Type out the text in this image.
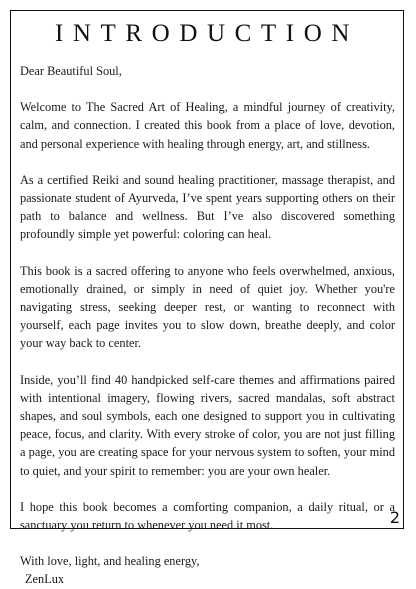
INTRODUCTION

Dear Beautiful Soul,

Welcome to The Sacred Art of Healing, a mindful journey of creativity, calm, and connection. I created this book from a place of love, devotion, and personal experience with healing through energy, art, and stillness.

As a certified Reiki and sound healing practitioner, massage therapist, and passionate student of Ayurveda, I’ve spent years supporting others on their path to balance and wellness. But I’ve also discovered something profoundly simple yet powerful: coloring can heal.

This book is a sacred offering to anyone who feels overwhelmed, anxious, emotionally drained, or simply in need of quiet joy. Whether you're navigating stress, seeking deeper rest, or wanting to reconnect with yourself, each page invites you to slow down, breathe deeply, and color your way back to center.

Inside, you’ll find 40 handpicked self-care themes and affirmations paired with intentional imagery, flowing rivers, sacred mandalas, soft abstract shapes, and soul symbols, each one designed to support you in cultivating peace, focus, and clarity. With every stroke of color, you are not just filling a page, you are creating space for your nervous system to soften, your mind to quiet, and your spirit to remember: you are your own healer.

I hope this book becomes a comforting companion, a daily ritual, or a sanctuary you return to whenever you need it most.

With love, light, and healing energy,
ZenLux

2
